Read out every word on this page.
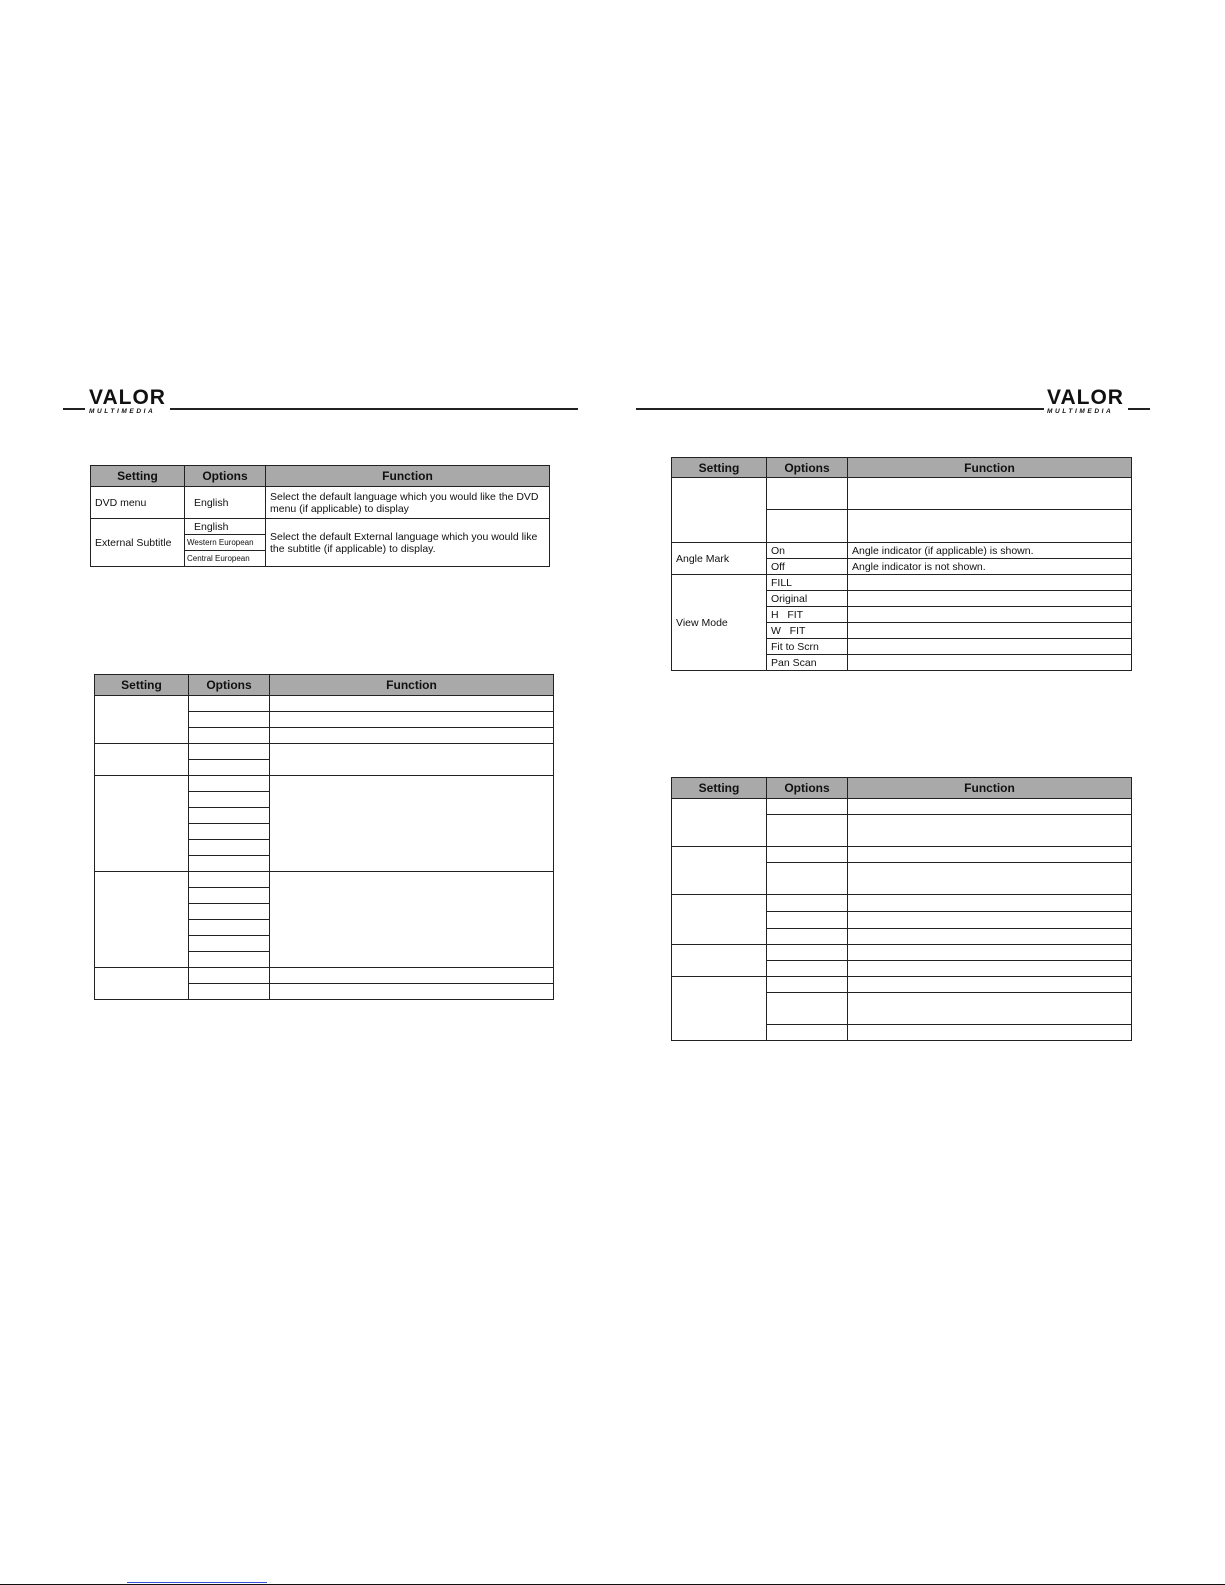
VALOR
MULTIMEDIA
VALOR
MULTIMEDIA
Setting	Options	Function
DVD menu	English	Select the default language which you would like the DVD menu (if applicable) to display
External Subtitle	English	Select the default External language which you would like the subtitle (if applicable) to display.
	Western European	
	Central European	
Setting	Options	Function

Setting	Options	Function

Angle Mark	On	Angle indicator (if applicable) is shown.
	Off	Angle indicator is not shown.
View Mode	FILL	
	Original	
	H   FIT	
	W   FIT	
	Fit to Scrn	
	Pan Scan	
Setting	Options	Function
